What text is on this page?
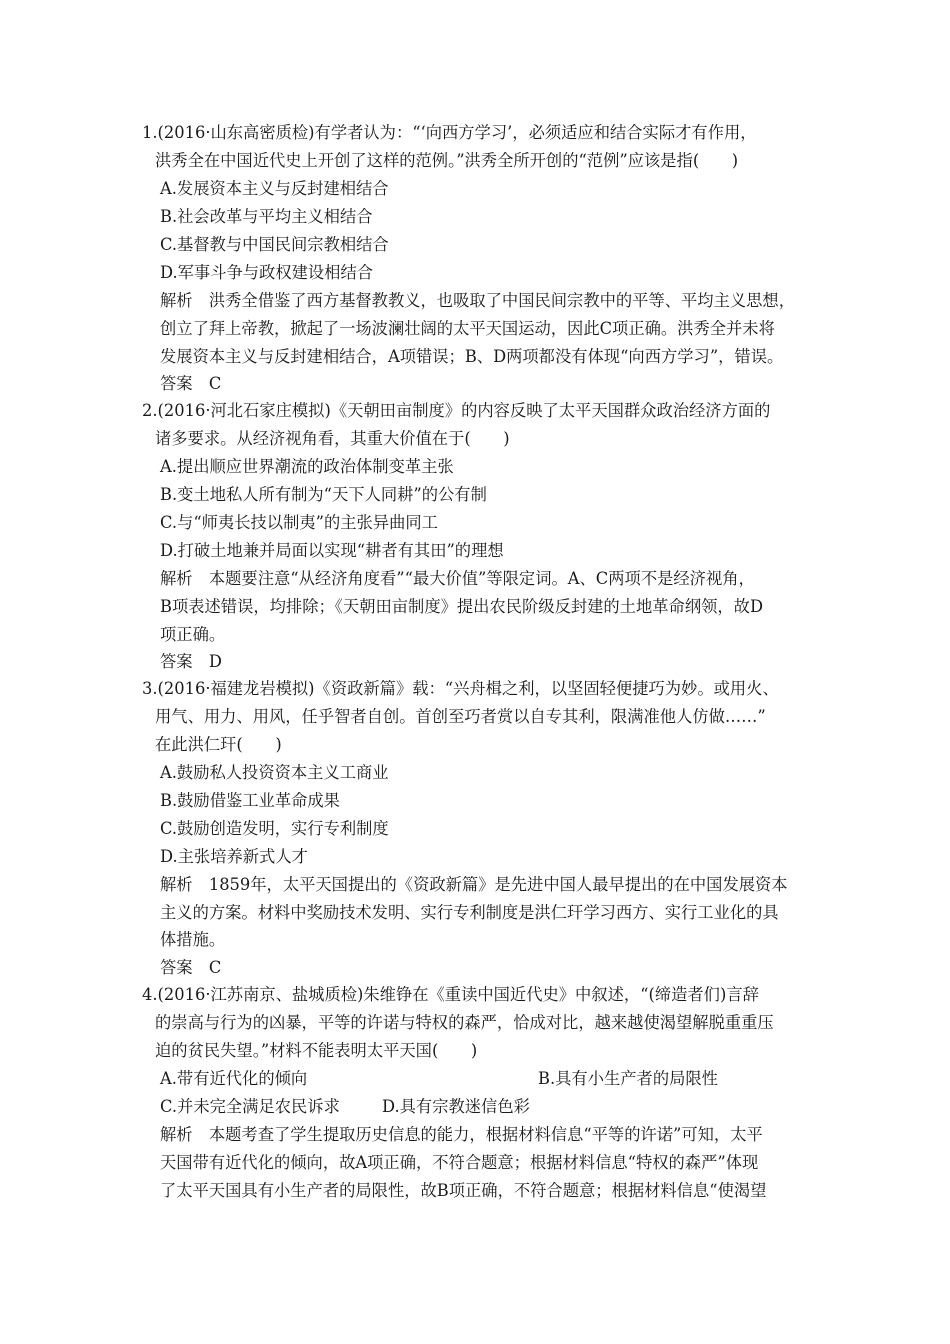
1.(2016·山东高密质检)有学者认为：“‘向西方学习’，必须适应和结合实际才有作用，
洪秀全在中国近代史上开创了这样的范例。”洪秀全所开创的“范例”应该是指(　　)
A.发展资本主义与反封建相结合
B.社会改革与平均主义相结合
C.基督教与中国民间宗教相结合
D.军事斗争与政权建设相结合
解析　洪秀全借鉴了西方基督教教义，也吸取了中国民间宗教中的平等、平均主义思想，
创立了拜上帝教，掀起了一场波澜壮阔的太平天国运动，因此C项正确。洪秀全并未将
发展资本主义与反封建相结合，A项错误；B、D两项都没有体现“向西方学习”，错误。
答案　C
2.(2016·河北石家庄模拟)《天朝田亩制度》的内容反映了太平天国群众政治经济方面的
诸多要求。从经济视角看，其重大价值在于(　　)
A.提出顺应世界潮流的政治体制变革主张
B.变土地私人所有制为“天下人同耕”的公有制
C.与“师夷长技以制夷”的主张异曲同工
D.打破土地兼并局面以实现“耕者有其田”的理想
解析　本题要注意“从经济角度看”“最大价值”等限定词。A、C两项不是经济视角，
B项表述错误，均排除；《天朝田亩制度》提出农民阶级反封建的土地革命纲领，故D
项正确。
答案　D
3.(2016·福建龙岩模拟)《资政新篇》载：“兴舟楫之利，以坚固轻便捷巧为妙。或用火、
用气、用力、用风，任乎智者自创。首创至巧者赏以自专其利，限满准他人仿做……”
在此洪仁玕(　　)
A.鼓励私人投资资本主义工商业
B.鼓励借鉴工业革命成果
C.鼓励创造发明，实行专利制度
D.主张培养新式人才
解析　1859年，太平天国提出的《资政新篇》是先进中国人最早提出的在中国发展资本
主义的方案。材料中奖励技术发明、实行专利制度是洪仁玕学习西方、实行工业化的具
体措施。
答案　C
4.(2016·江苏南京、盐城质检)朱维铮在《重读中国近代史》中叙述，“(缔造者们)言辞
的崇高与行为的凶暴，平等的许诺与特权的森严，恰成对比，越来越使渴望解脱重重压
迫的贫民失望。”材料不能表明太平天国(　　)
A.带有近代化的倾向	B.具有小生产者的局限性
C.并未完全满足农民诉求	D.具有宗教迷信色彩
解析　本题考查了学生提取历史信息的能力，根据材料信息“平等的许诺”可知，太平
天国带有近代化的倾向，故A项正确，不符合题意；根据材料信息“特权的森严”体现
了太平天国具有小生产者的局限性，故B项正确，不符合题意；根据材料信息“使渴望
